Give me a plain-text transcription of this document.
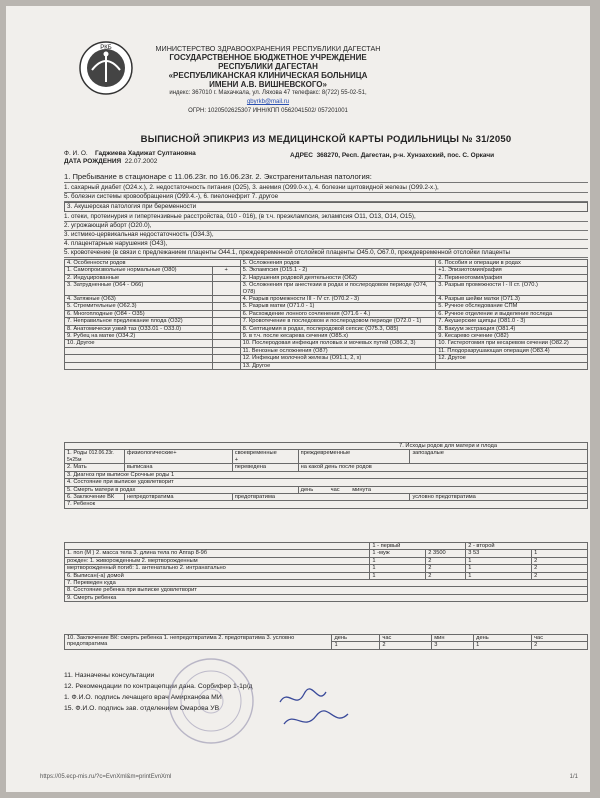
РКБ	МИНИСТЕРСТВО ЗДРАВООХРАНЕНИЯ РЕСПУБЛИКИ ДАГЕСТАН
ГОСУДАРСТВЕННОЕ БЮДЖЕТНОЕ УЧРЕЖДЕНИЕ
РЕСПУБЛИКИ ДАГЕСТАН
«РЕСПУБЛИКАНСКАЯ КЛИНИЧЕСКАЯ БОЛЬНИЦА
ИМЕНИ А.В. ВИШНЕВСКОГО»
индекс: 367010 г. Махачкала, ул. Ляхова 47 телефакс: 8(722) 55-02-51,
gbyrkb@mail.ru
ОГРН: 1020502625307 ИНН/КПП 0562041502/ 057201001
ВЫПИСНОЙ ЭПИКРИЗ ИЗ МЕДИЦИНСКОЙ КАРТЫ РОДИЛЬНИЦЫ № 31/2050
Ф. И. О. Гаджиева Хадижат Султановна
ДАТА РОЖДЕНИЯ 22.07.2002
АДРЕС 368270, Респ. Дагестан, р-н. Хунзахский, пос. С. Оркачи
1. Пребывание в стационаре с 11.06.23г. по 16.06.23г. 2. Экстрагенитальная патология:
1. сахарный диабет (О24.х.), 2. недостаточность питания (О25), 3. анемия (О99.0-х.), 4. болезни щитовидной железы (О99.2-х.),
5. болезни системы кровообращения (О99.4.-), 6. пиелонефрит 7. другое
3. Акушерская патология при беременности
1. отеки, протеинурия и гипертензивные расстройства, 010 - 016), (в т.ч. преэклампсия, эклампсия О11, О13, О14, О15),
2. угрожающий аборт (О20.0),
3. истмико-цервикальная недостаточность (О34.3),
4. плацентарные нарушения (О43),
5. кровотечение (в связи с предлежанием плаценты О44.1, преждевременной отслойкой плаценты О45.0, О67.0, преждевременной отслойки плаценты
4. Особенности родов		5. Осложнения родов	6. Пособия и операции в родах
1. Самопроизвольные нормальные (О80)	+	5. Эклампсия (О15.1 - 2)	+1. Эпизиотомия/рафия
2. Индуцированные		2. Нарушения родовой деятельности (О62)	2. Перинеотомия/рафия
3. Затрудненные (О64 - О66)		3. Осложнения при анестезии в родах и послеродовом периоде (О74, О78)	3. Разрыв промежности I - II ст. (О70.)
4. Затяжные (О63)		4. Разрыв промежности III - IV ст. (О70.2 - 3)	4. Разрыв шейки матки (О71.3)
5. Стремительные (О62.3)		5. Разрыв матки (О71.0 - 1)	5. Ручное обследование СПМ
6. Многоплодные (О84 - О35)		6. Расхождение лонного сочленения (О71.6 - 4.)	6. Ручное отделение и выделение последа
7. Неправильное предлежание плода (О32)		7. Кровотечение в последовом и послеродовом периоде (О72.0 - 1)	7. Акушерские щипцы (О81.0 - 3)
8. Анатомически узкий таз (О33.01 - О33.0)		8. Септицемия в родах, послеродовой сепсис (О75.3, О85)	8. Вакуум экстракция (О81.4)
9. Рубец на матке (О34.2)		9. в т.ч. после кесарева сечения (О85.х)	9. Кесарево сечение (О82)
10. Другое		10. Послеродовая инфекция половых и мочевых путей (О86.2, 3)	10. Гистеротомия при кесаревом сечении (О82.2)
		11. Венозные осложнения (О87)	11. Плодоразрушающая операция (О83.4)
		12. Инфекции молочной железы (О91.1, 2, х)	12. Другое
		13. Другое	
7. Исходы родов для матери и плода				
1. Роды 012.06.23г. 5ч25м	физиологические+	своевременные
+	преждевременные	запоздалые
2. Мать	выписана	переведена	на какой день после родов	
3. Диагноз при выписке Срочные роды 1				
4. Состояние при выписке удовлетворит				
5. Смерть матери в родах			день час минута	
6. Заключение ВК	непредотвратима	предотвратима		условно предотвратима
7. Ребенок				
	1 - первый		2 - второй	
1. пол (М ) 2. масса тела 3. длина тела по Апгар 8-9б	1 -муж	2 3500	3 53	1
рожден: 1. живорожденным 2. мертворожденным	1	2	1	2
мертворожденный погиб: 1. антенатально 2. интранатально	1	2	1	2
6. Выписан(-а) домой	1	2	1	2
7. Переведен куда				
8. Состояние ребенка при выписке удовлетворит				
9. Смерть ребенка				
10. Заключение ВК: смерть ребенка 1. непредотвратима 2. предотвратима 3. условно предотвратима	день	час	мин	день	час
	1	2	3	1	2
11. Назначены консультации
12. Рекомендации по контрацепции дана. Сорбифер 1-1р/д
1. Ф.И.О. подпись лечащего врач Амирханова МИ
15. Ф.И.О. подпись зав. отделением Омарова УВ
https://05.ecp-mis.ru/?c=EvnXml&m=printEvnXml	1/1
